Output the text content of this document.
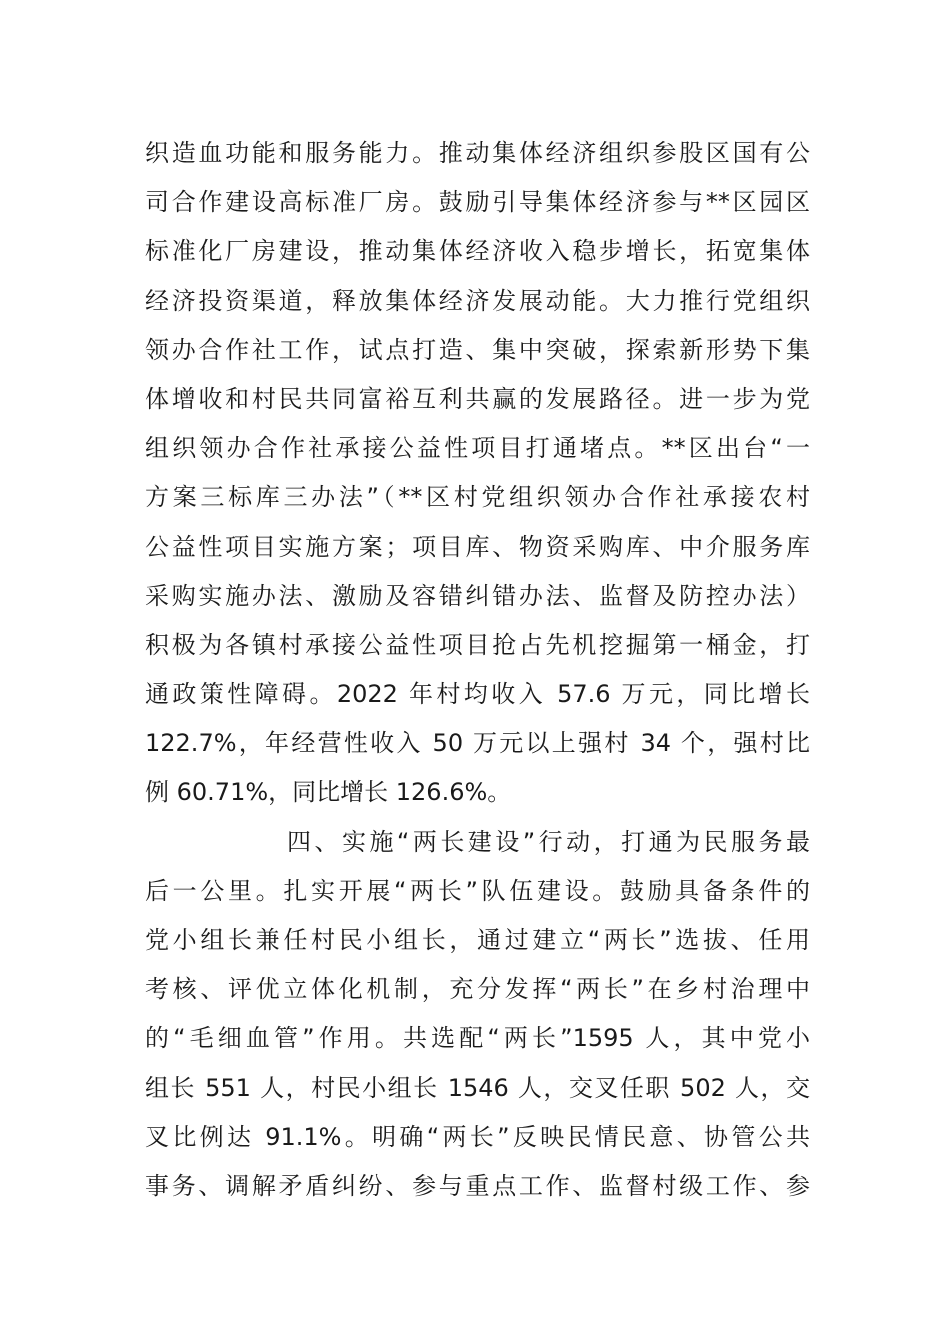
织造血功能和服务能力。推动集体经济组织参股区国有公
司合作建设高标准厂房。鼓励引导集体经济参与**区园区
标准化厂房建设，推动集体经济收入稳步增长，拓宽集体
经济投资渠道，释放集体经济发展动能。大力推行党组织
领办合作社工作，试点打造、集中突破，探索新形势下集
体增收和村民共同富裕互利共赢的发展路径。进一步为党
组织领办合作社承接公益性项目打通堵点。**区出台“一
方案三标库三办法”（**区村党组织领办合作社承接农村
公益性项目实施方案；项目库、物资采购库、中介服务库
采购实施办法、激励及容错纠错办法、监督及防控办法）
积极为各镇村承接公益性项目抢占先机挖掘第一桶金，打
通政策性障碍。2022 年村均收入 57.6 万元，同比增长
122.7%，年经营性收入 50 万元以上强村 34 个，强村比
例 60.71%，同比增长 126.6%。
四、实施“两长建设”行动，打通为民服务最
后一公里。扎实开展“两长”队伍建设。鼓励具备条件的
党小组长兼任村民小组长，通过建立“两长”选拔、任用
考核、评优立体化机制，充分发挥“两长”在乡村治理中
的“毛细血管”作用。共选配“两长”1595 人，其中党小
组长 551 人，村民小组长 1546 人，交叉任职 502 人，交
叉比例达 91.1%。明确“两长”反映民情民意、协管公共
事务、调解矛盾纠纷、参与重点工作、监督村级工作、参
